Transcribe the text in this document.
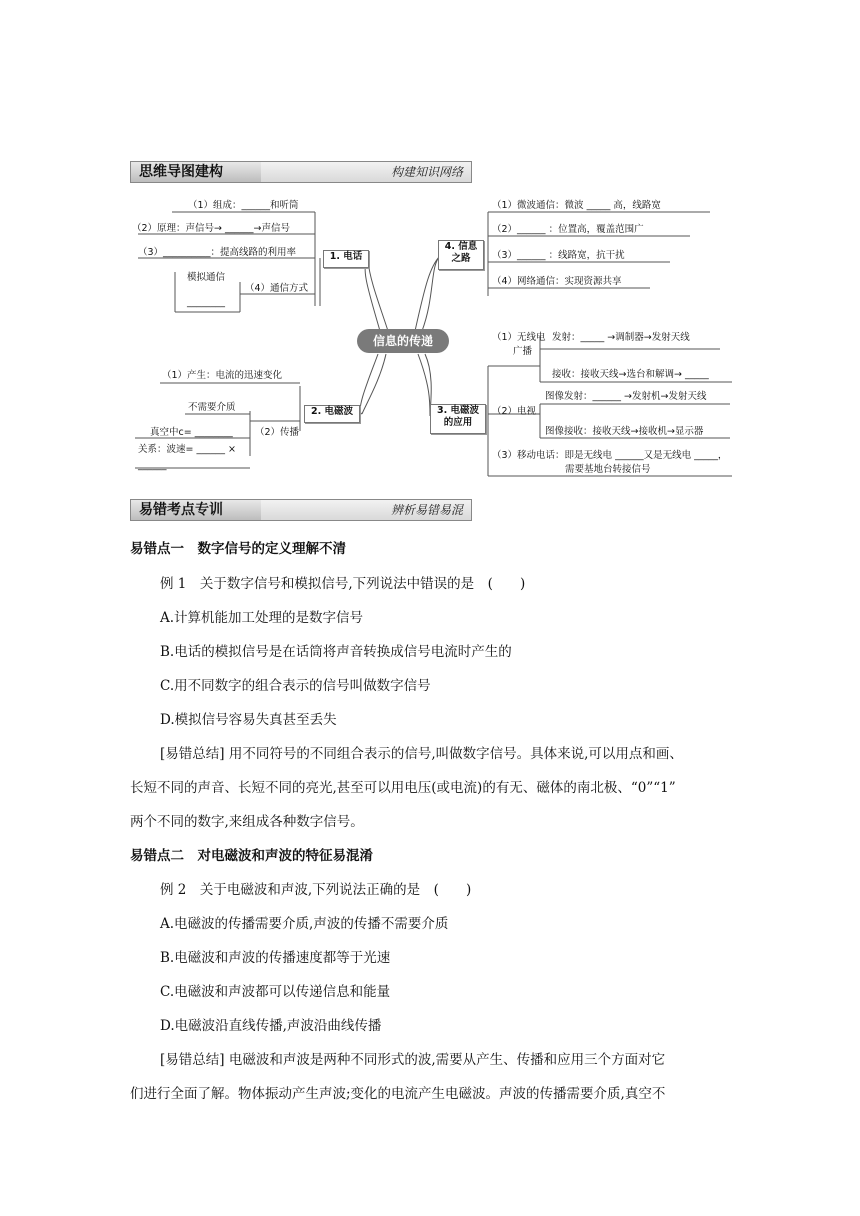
思维导图建构	构建知识网络
信息的传递
1. 电话
（1）组成：______和听筒
（2）原理：声信号→ ______→声信号
（3）__________：提高线路的利用率
模拟通信
________
（4）通信方式
4. 信息
之路
（1）微波通信：微波 _____ 高，线路宽
（2）______ ：位置高，覆盖范围广
（3）______ ：线路宽，抗干扰
（4）网络通信：实现资源共享
2. 电磁波
（1）产生：电流的迅速变化
不需要介质
真空中c= ________ （2）传播
关系：波速= ______ ×
______
3. 电磁波的应用
（1）无线电
广播
发射：_____ →调制器→发射天线
接收：接收天线→选台和解调→ _____
（2）电视
图像发射：______ →发射机→发射天线
图像接收：接收天线→接收机→显示器
（3）移动电话：即是无线电 ______又是无线电 _____，
需要基地台转接信号
易错考点专训	辨析易错易混
易错点一　数字信号的定义理解不清
例 1　关于数字信号和模拟信号,下列说法中错误的是　(　　)
A.计算机能加工处理的是数字信号
B.电话的模拟信号是在话筒将声音转换成信号电流时产生的
C.用不同数字的组合表示的信号叫做数字信号
D.模拟信号容易失真甚至丢失
[易错总结] 用不同符号的不同组合表示的信号,叫做数字信号。具体来说,可以用点和画、
长短不同的声音、长短不同的亮光,甚至可以用电压(或电流)的有无、磁体的南北极、“0”“1”
两个不同的数字,来组成各种数字信号。
易错点二　对电磁波和声波的特征易混淆
例 2　关于电磁波和声波,下列说法正确的是　(　　)
A.电磁波的传播需要介质,声波的传播不需要介质
B.电磁波和声波的传播速度都等于光速
C.电磁波和声波都可以传递信息和能量
D.电磁波沿直线传播,声波沿曲线传播
[易错总结] 电磁波和声波是两种不同形式的波,需要从产生、传播和应用三个方面对它
们进行全面了解。物体振动产生声波;变化的电流产生电磁波。声波的传播需要介质,真空不
